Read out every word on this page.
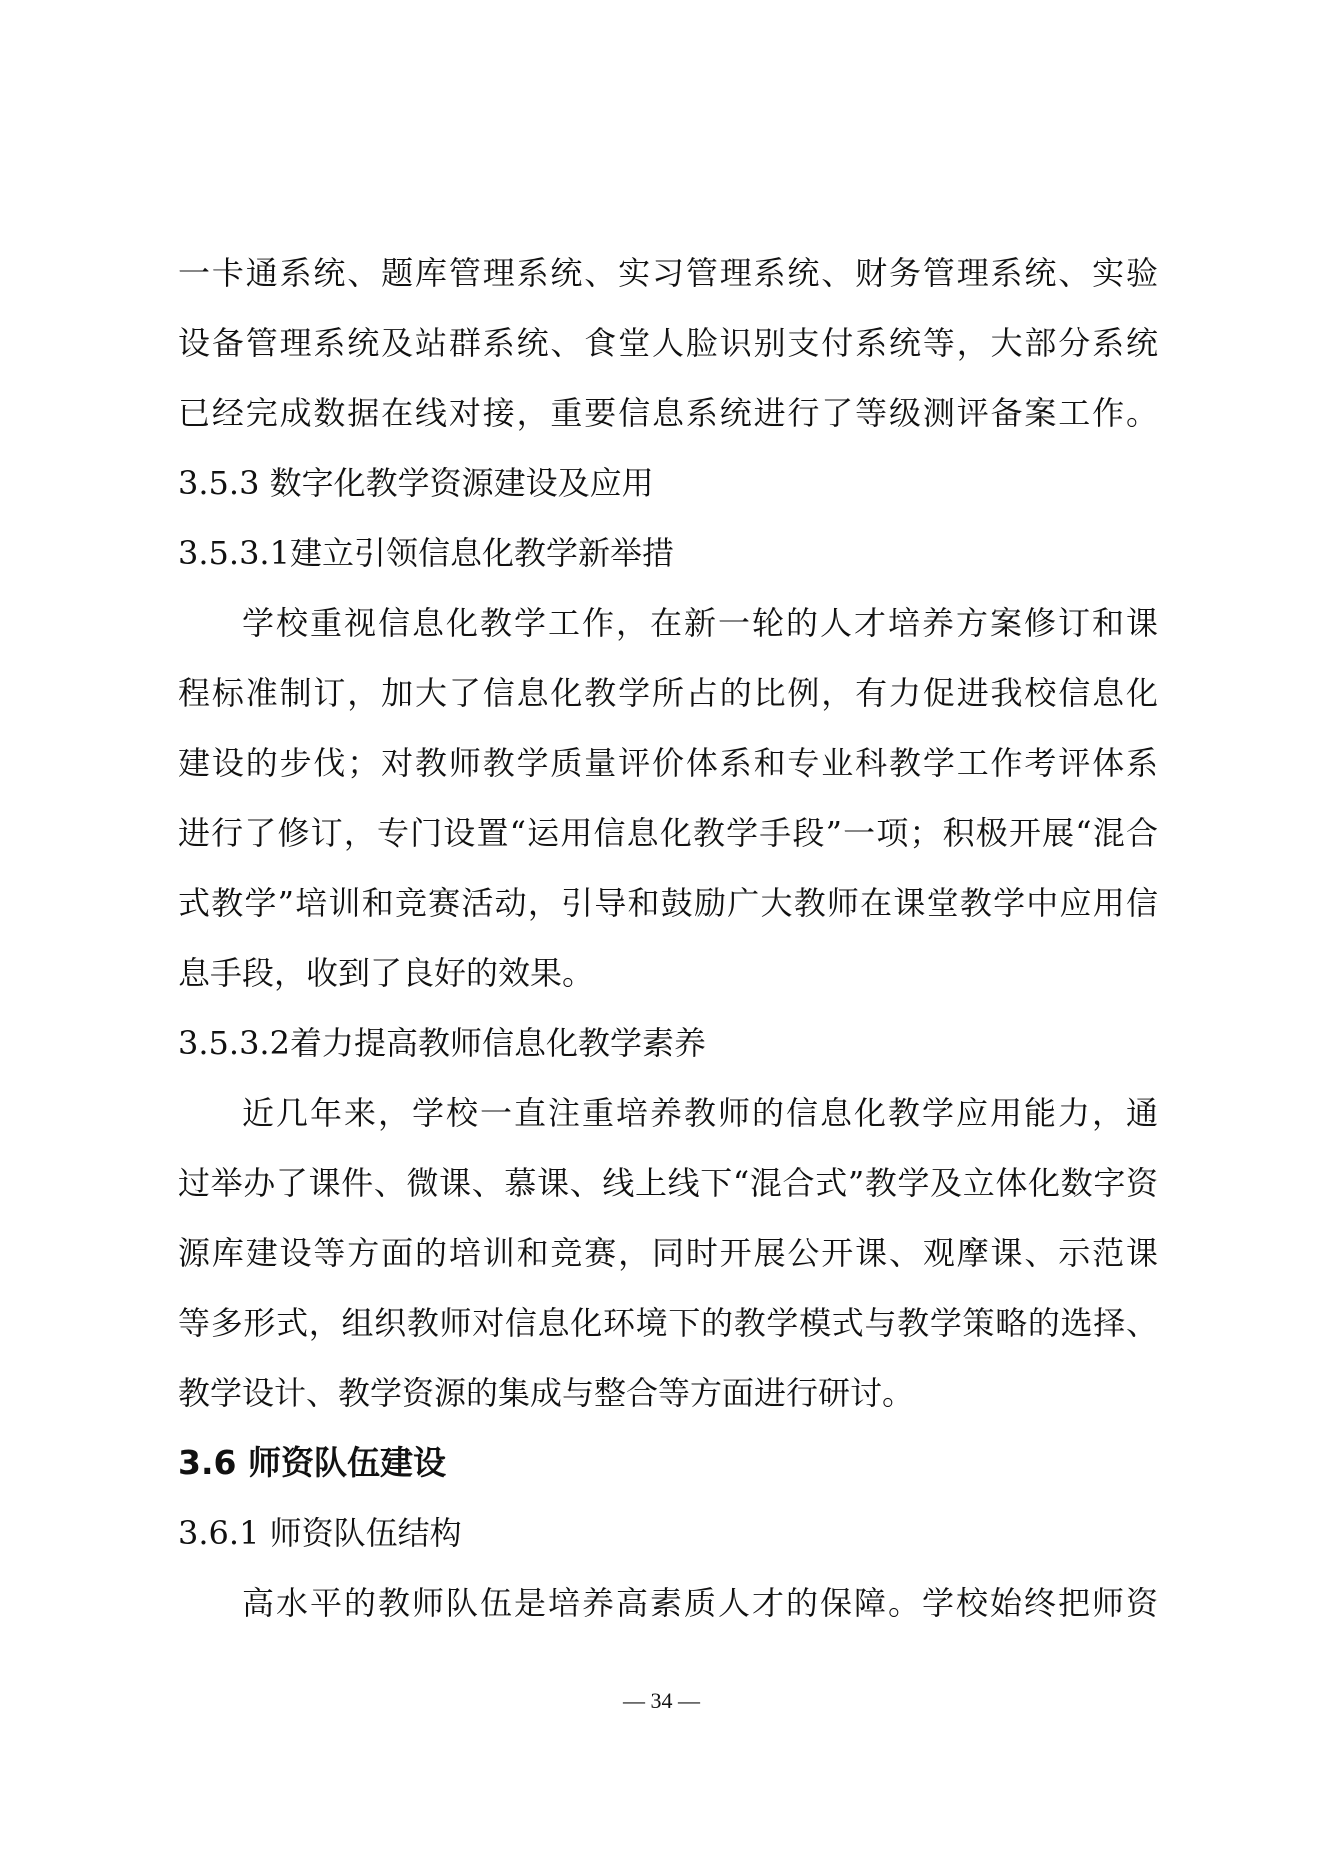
一卡通系统、题库管理系统、实习管理系统、财务管理系统、实验
设备管理系统及站群系统、食堂人脸识别支付系统等，大部分系统
已经完成数据在线对接，重要信息系统进行了等级测评备案工作。
3.5.3 数字化教学资源建设及应用
3.5.3.1建立引领信息化教学新举措
学校重视信息化教学工作，在新一轮的人才培养方案修订和课
程标准制订，加大了信息化教学所占的比例，有力促进我校信息化
建设的步伐；对教师教学质量评价体系和专业科教学工作考评体系
进行了修订，专门设置“运用信息化教学手段”一项；积极开展“混合
式教学”培训和竞赛活动，引导和鼓励广大教师在课堂教学中应用信
息手段，收到了良好的效果。
3.5.3.2着力提高教师信息化教学素养
近几年来，学校一直注重培养教师的信息化教学应用能力，通
过举办了课件、微课、慕课、线上线下“混合式”教学及立体化数字资
源库建设等方面的培训和竞赛，同时开展公开课、观摩课、示范课
等多形式，组织教师对信息化环境下的教学模式与教学策略的选择、
教学设计、教学资源的集成与整合等方面进行研讨。
3.6 师资队伍建设
3.6.1 师资队伍结构
高水平的教师队伍是培养高素质人才的保障。学校始终把师资
— 34 —
